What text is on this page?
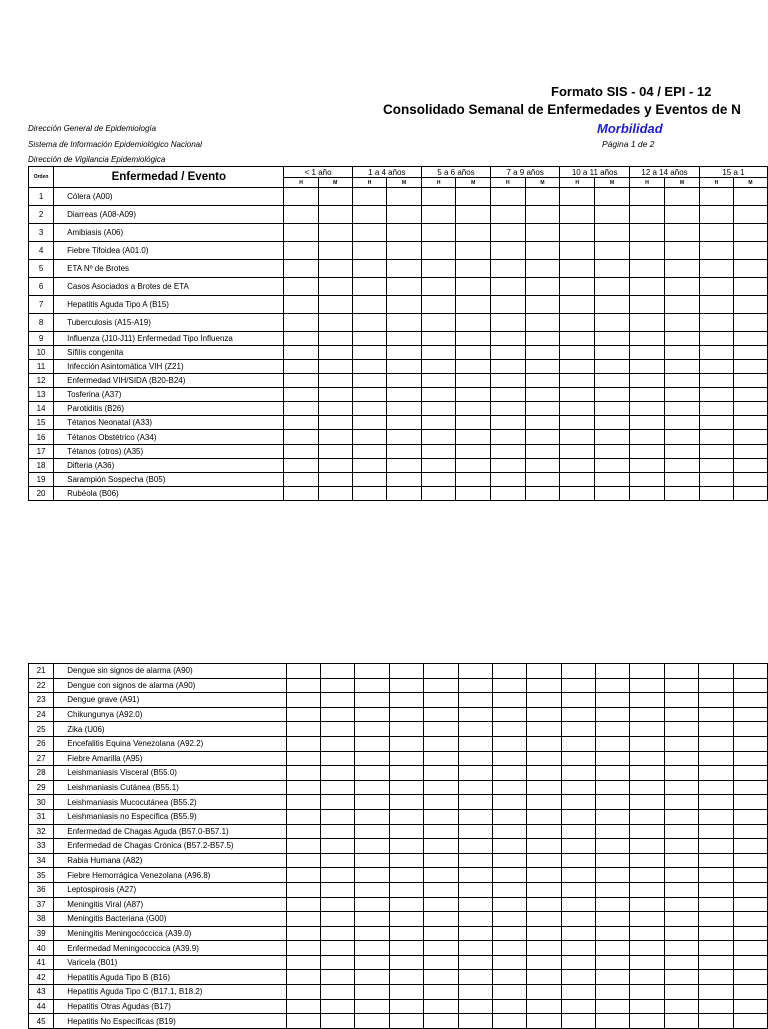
Formato SIS - 04 / EPI - 12
Consolidado Semanal de Enfermedades y Eventos de N
Morbilidad
Página 1 de 2
Dirección General de Epidemiología
Sistema de Información Epidemiológico Nacional
Dirección de Vigilancia Epidemiológica
Orden	Enfermedad / Evento	< 1 año		1 a 4 años		5 a 6 años		7 a 9 años		10 a 11 años		12 a 14 años		15 a 1	
		H	M	H	M	H	M	H	M	H	M	H	M	H	M
1	Cólera (A00)														
2	Diarreas (A08-A09)														
3	Amibiasis (A06)														
4	Fiebre Tifoidea (A01.0)														
5	ETA Nº de Brotes														
6	Casos Asociados a Brotes de ETA														
7	Hepatitis Aguda Tipo A (B15)														
8	Tuberculosis (A15-A19)														
9	Influenza (J10-J11) Enfermedad Tipo Influenza														
10	Sífilis congenita														
11	Infección Asintomática VIH (Z21)														
12	Enfermedad VIH/SIDA (B20-B24)														
13	Tosferina (A37)														
14	Parotiditis (B26)														
15	Tétanos Neonatal (A33)														
16	Tétanos Obstétrico (A34)														
17	Tétanos (otros) (A35)														
18	Difteria (A36)														
19	Sarampión Sospecha (B05)														
20	Rubéola (B06)														
21	Dengue sin signos de alarma (A90)														
22	Dengue con signos de alarma (A90)														
23	Dengue grave (A91)														
24	Chikungunya (A92.0)														
25	Zika (U06)														
26	Encefalitis Equina Venezolana (A92.2)														
27	Fiebre Amarilla (A95)														
28	Leishmaniasis Visceral (B55.0)														
29	Leishmaniasis Cutánea (B55.1)														
30	Leishmaniasis Mucocutánea (B55.2)														
31	Leishmaniasis no Específica (B55.9)														
32	Enfermedad de Chagas Aguda (B57.0-B57.1)														
33	Enfermedad de Chagas Crónica (B57.2-B57.5)														
34	Rabia Humana (A82)														
35	Fiebre Hemorrágica Venezolana (A96.8)														
36	Leptospirosis (A27)														
37	Meningitis Viral (A87)														
38	Meningitis Bacteriana (G00)														
39	Meningitis Meningocóccica (A39.0)														
40	Enfermedad Meningococcica (A39.9)														
41	Varicela (B01)														
42	Hepatitis Aguda Tipo B (B16)														
43	Hepatitis Aguda Tipo C (B17.1, B18.2)														
44	Hepatitis Otras Agudas (B17)														
45	Hepatitis No Específicas (B19)														
